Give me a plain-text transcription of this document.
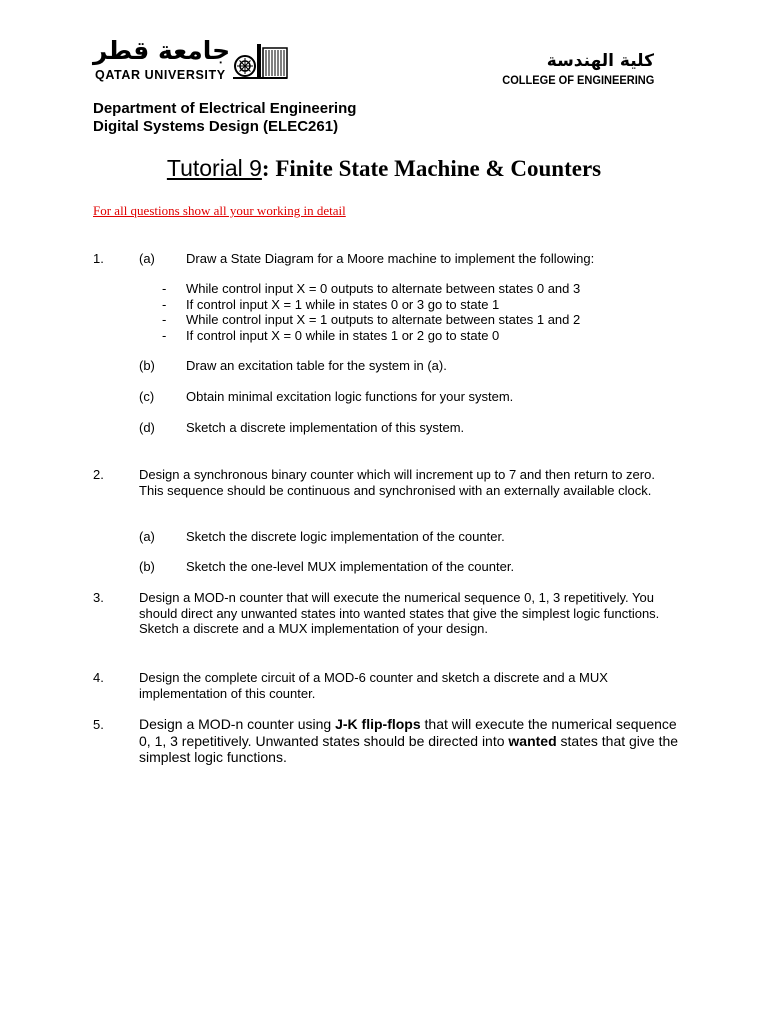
جامعة قطر
QATAR UNIVERSITY
كلية الهندسة
COLLEGE OF ENGINEERING
Department of Electrical Engineering
Digital Systems Design (ELEC261)
Tutorial 9: Finite State Machine & Counters
For all questions show all your working in detail
1.	(a) Draw a State Diagram for a Moore machine to implement the following:
- While control input X = 0 outputs to alternate between states 0 and 3
- If control input X = 1 while in states 0 or 3 go to state 1
- While control input X = 1 outputs to alternate between states 1 and 2
- If control input X = 0 while in states 1 or 2 go to state 0
(b) Draw an excitation table for the system in (a).
(c) Obtain minimal excitation logic functions for your system.
(d) Sketch a discrete implementation of this system.
2.	Design a synchronous binary counter which will increment up to 7 and then return to zero. This sequence should be continuous and synchronised with an externally available clock.
(a) Sketch the discrete logic implementation of the counter.
(b) Sketch the one-level MUX implementation of the counter.
3.	Design a MOD-n counter that will execute the numerical sequence 0, 1, 3 repetitively. You should direct any unwanted states into wanted states that give the simplest logic functions. Sketch a discrete and a MUX implementation of your design.
4.	Design the complete circuit of a MOD-6 counter and sketch a discrete and a MUX implementation of this counter.
5.	Design a MOD-n counter using J-K flip-flops that will execute the numerical sequence 0, 1, 3 repetitively. Unwanted states should be directed into wanted states that give the simplest logic functions.
